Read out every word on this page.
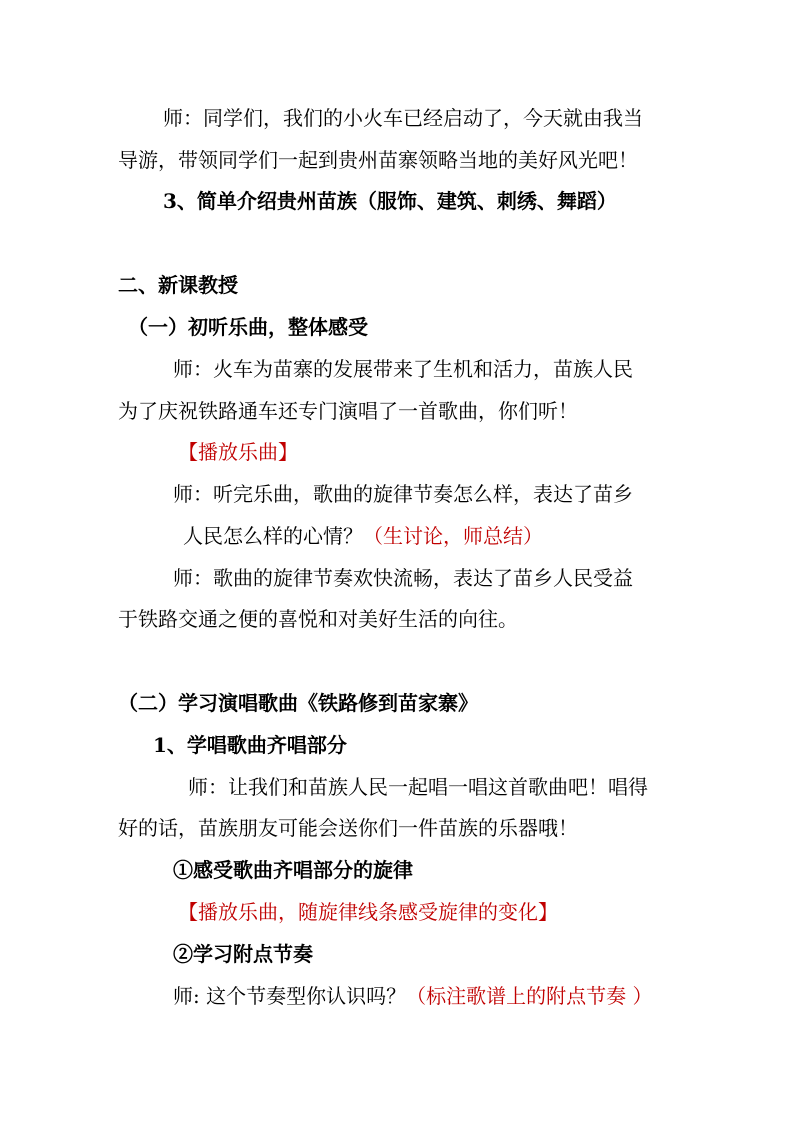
师：同学们，我们的小火车已经启动了，今天就由我当
导游，带领同学们一起到贵州苗寨领略当地的美好风光吧！
3、简单介绍贵州苗族（服饰、建筑、刺绣、舞蹈）
二、新课教授
（一）初听乐曲，整体感受
师：火车为苗寨的发展带来了生机和活力，苗族人民
为了庆祝铁路通车还专门演唱了一首歌曲，你们听！
【播放乐曲】
师：听完乐曲，歌曲的旋律节奏怎么样，表达了苗乡
人民怎么样的心情？（生讨论，师总结）
师：歌曲的旋律节奏欢快流畅，表达了苗乡人民受益
于铁路交通之便的喜悦和对美好生活的向往。
（二）学习演唱歌曲《铁路修到苗家寨》
1、学唱歌曲齐唱部分
师：让我们和苗族人民一起唱一唱这首歌曲吧！唱得
好的话，苗族朋友可能会送你们一件苗族的乐器哦！
①感受歌曲齐唱部分的旋律
【播放乐曲，随旋律线条感受旋律的变化】
②学习附点节奏
师: 这个节奏型你认识吗？（标注歌谱上的附点节奏 ）
